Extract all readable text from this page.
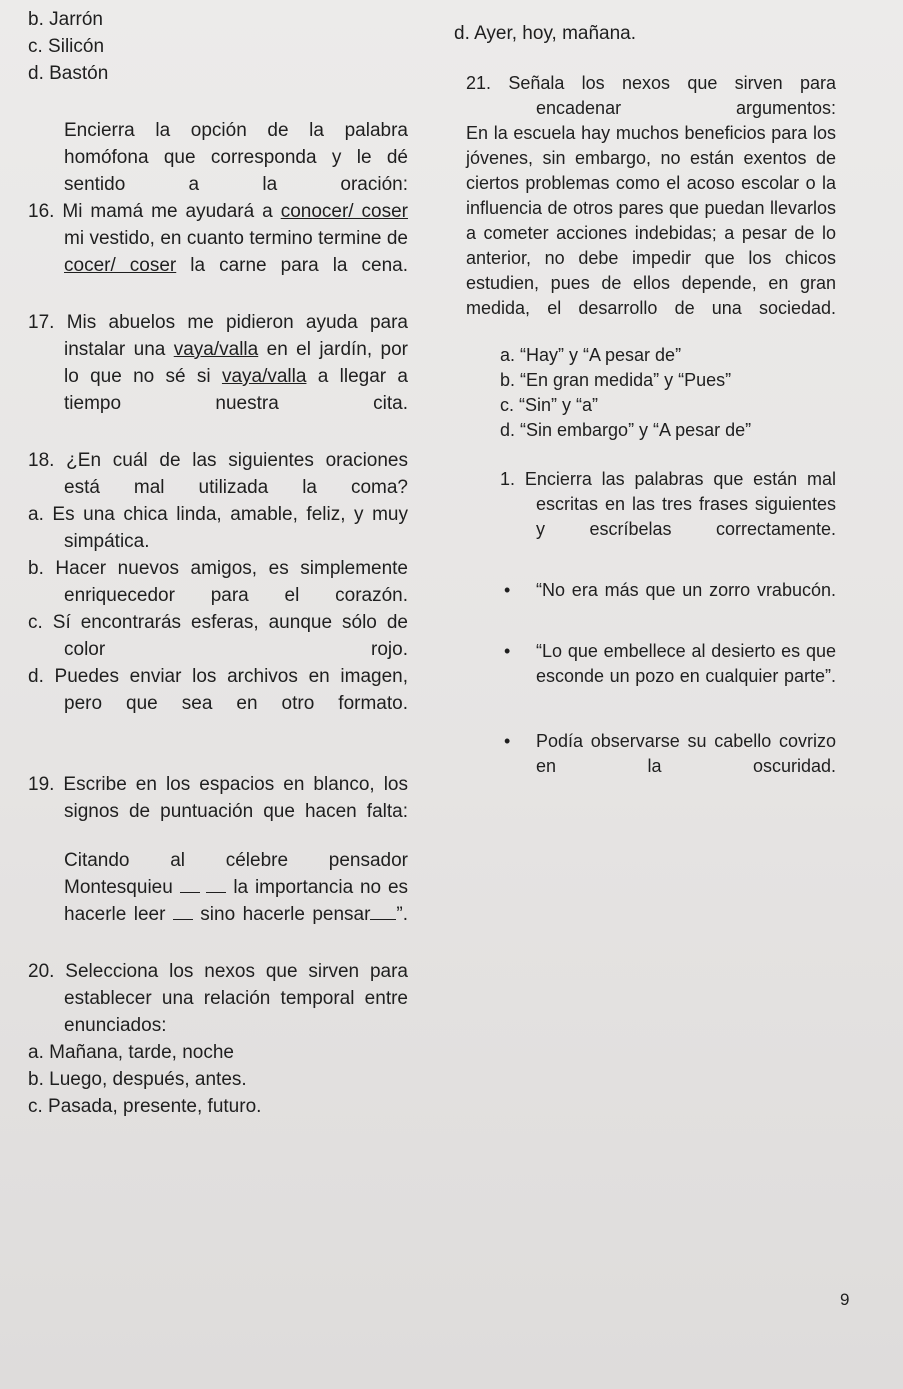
b. Jarrón

c. Silicón

d. Bastón

Encierra la opción de la palabra homófona que corresponda y le dé sentido a la oración:

16. Mi mamá me ayudará a conocer/ coser mi vestido, en cuanto termino termine de cocer/ coser la carne para la cena.

17. Mis abuelos me pidieron ayuda para instalar una vaya/valla en el jardín, por lo que no sé si vaya/valla a llegar a tiempo nuestra cita.

18. ¿En cuál de las siguientes oraciones está mal utilizada la coma?

a. Es una chica linda, amable, feliz, y muy simpática.

b. Hacer nuevos amigos, es simplemente enriquecedor para el corazón.

c. Sí encontrarás esferas, aunque sólo de color rojo.

d. Puedes enviar los archivos en imagen, pero que sea en otro formato.

19. Escribe en los espacios en blanco, los signos de puntuación que hacen falta:

Citando al célebre pensador Montesquieu	la importancia no es hacerle leer sino hacerle pensar ”.

20. Selecciona los nexos que sirven para establecer una relación temporal entre enunciados:

a. Mañana, tarde, noche

b. Luego, después, antes.

c. Pasada, presente, futuro.

d. Ayer, hoy, mañana.

21. Señala los nexos que sirven para encadenar argumentos:

En la escuela hay muchos beneficios para los jóvenes, sin embargo, no están exentos de ciertos problemas como el acoso escolar o la influencia de otros pares que puedan llevarlos a cometer acciones indebidas; a pesar de lo anterior, no debe impedir que los chicos estudien, pues de ellos depende, en gran medida, el desarrollo de una sociedad.

a. “Hay” y “A pesar de”

b. “En gran medida” y “Pues”

c. “Sin” y “a”

d. “Sin embargo” y “A pesar de”

1. Encierra las palabras que están mal escritas en las tres frases siguientes y escríbelas correctamente.

• “No era más que un zorro vrabucón.

• “Lo que embellece al desierto es que esconde un pozo en cualquier parte”.

• Podía observarse su cabello covrizo en la oscuridad.

9
